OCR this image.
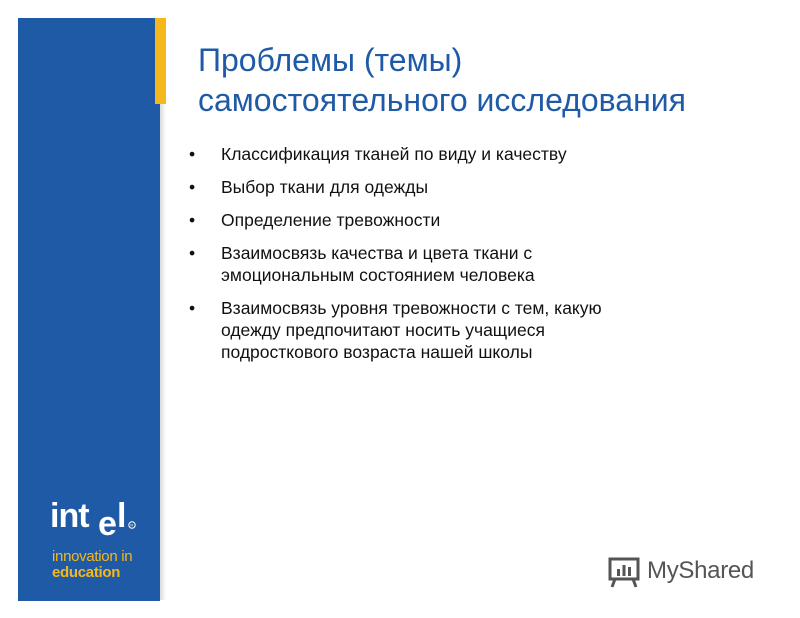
int e l R
innovation in
education
Проблемы (темы)
самостоятельного исследования
• Классификация тканей по виду и качеству
• Выбор ткани для одежды
• Определение тревожности
• Взаимосвязь качества и цвета ткани с эмоциональным состоянием человека
• Взаимосвязь уровня тревожности с тем, какую одежду предпочитают носить учащиеся подросткового возраста нашей школы
MyShared
